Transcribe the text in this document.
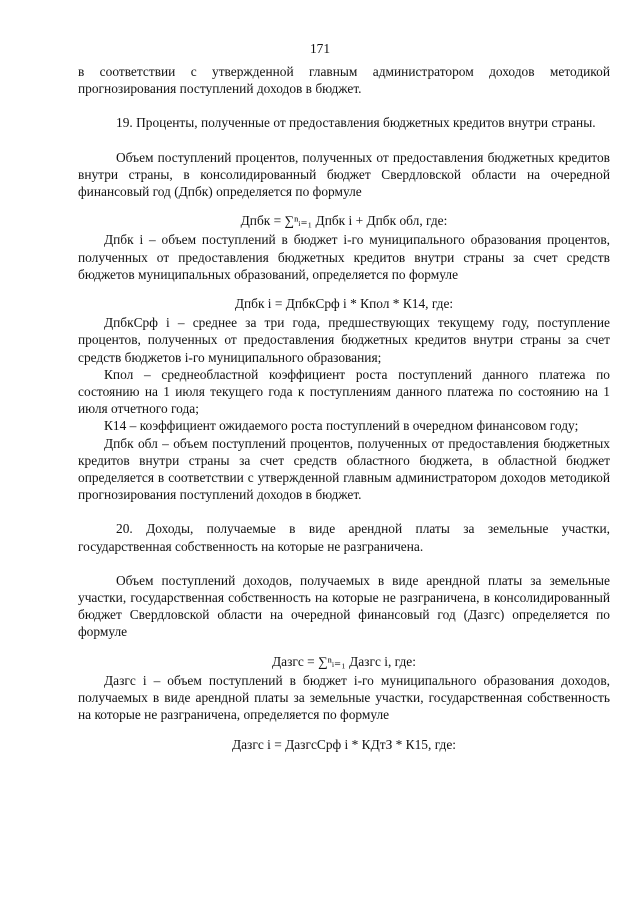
171

в соответствии с утвержденной главным администратором доходов методикой прогнозирования поступлений доходов в бюджет.

19. Проценты, полученные от предоставления бюджетных кредитов внутри страны.

Объем поступлений процентов, полученных от предоставления бюджетных кредитов внутри страны, в консолидированный бюджет Свердловской области на очередной финансовый год (Дпбк) определяется по формуле

Дпбк = ∑ⁿᵢ₌₁ Дпбк i + Дпбк обл, где:

Дпбк i – объем поступлений в бюджет i-го муниципального образования процентов, полученных от предоставления бюджетных кредитов внутри страны за счет средств бюджетов муниципальных образований, определяется по формуле

Дпбк i = ДпбкСрф i * Кпол * К14, где:

ДпбкСрф i – среднее за три года, предшествующих текущему году, поступление процентов, полученных от предоставления бюджетных кредитов внутри страны за счет средств бюджетов i-го муниципального образования;

Кпол – среднеобластной коэффициент роста поступлений данного платежа по состоянию на 1 июля текущего года к поступлениям данного платежа по состоянию на 1 июля отчетного года;

К14 – коэффициент ожидаемого роста поступлений в очередном финансовом году;

Дпбк обл – объем поступлений процентов, полученных от предоставления бюджетных кредитов внутри страны за счет средств областного бюджета, в областной бюджет определяется в соответствии с утвержденной главным администратором доходов методикой прогнозирования поступлений доходов в бюджет.

20. Доходы, получаемые в виде арендной платы за земельные участки, государственная собственность на которые не разграничена.

Объем поступлений доходов, получаемых в виде арендной платы за земельные участки, государственная собственность на которые не разграничена, в консолидированный бюджет Свердловской области на очередной финансовый год (Дазгс) определяется по формуле

Дазгс = ∑ⁿᵢ₌₁ Дазгс i, где:

Дазгс i – объем поступлений в бюджет i-го муниципального образования доходов, получаемых в виде арендной платы за земельные участки, государственная собственность на которые не разграничена, определяется по формуле

Дазгс i = ДазгсСрф i * КДтЗ * К15, где:
